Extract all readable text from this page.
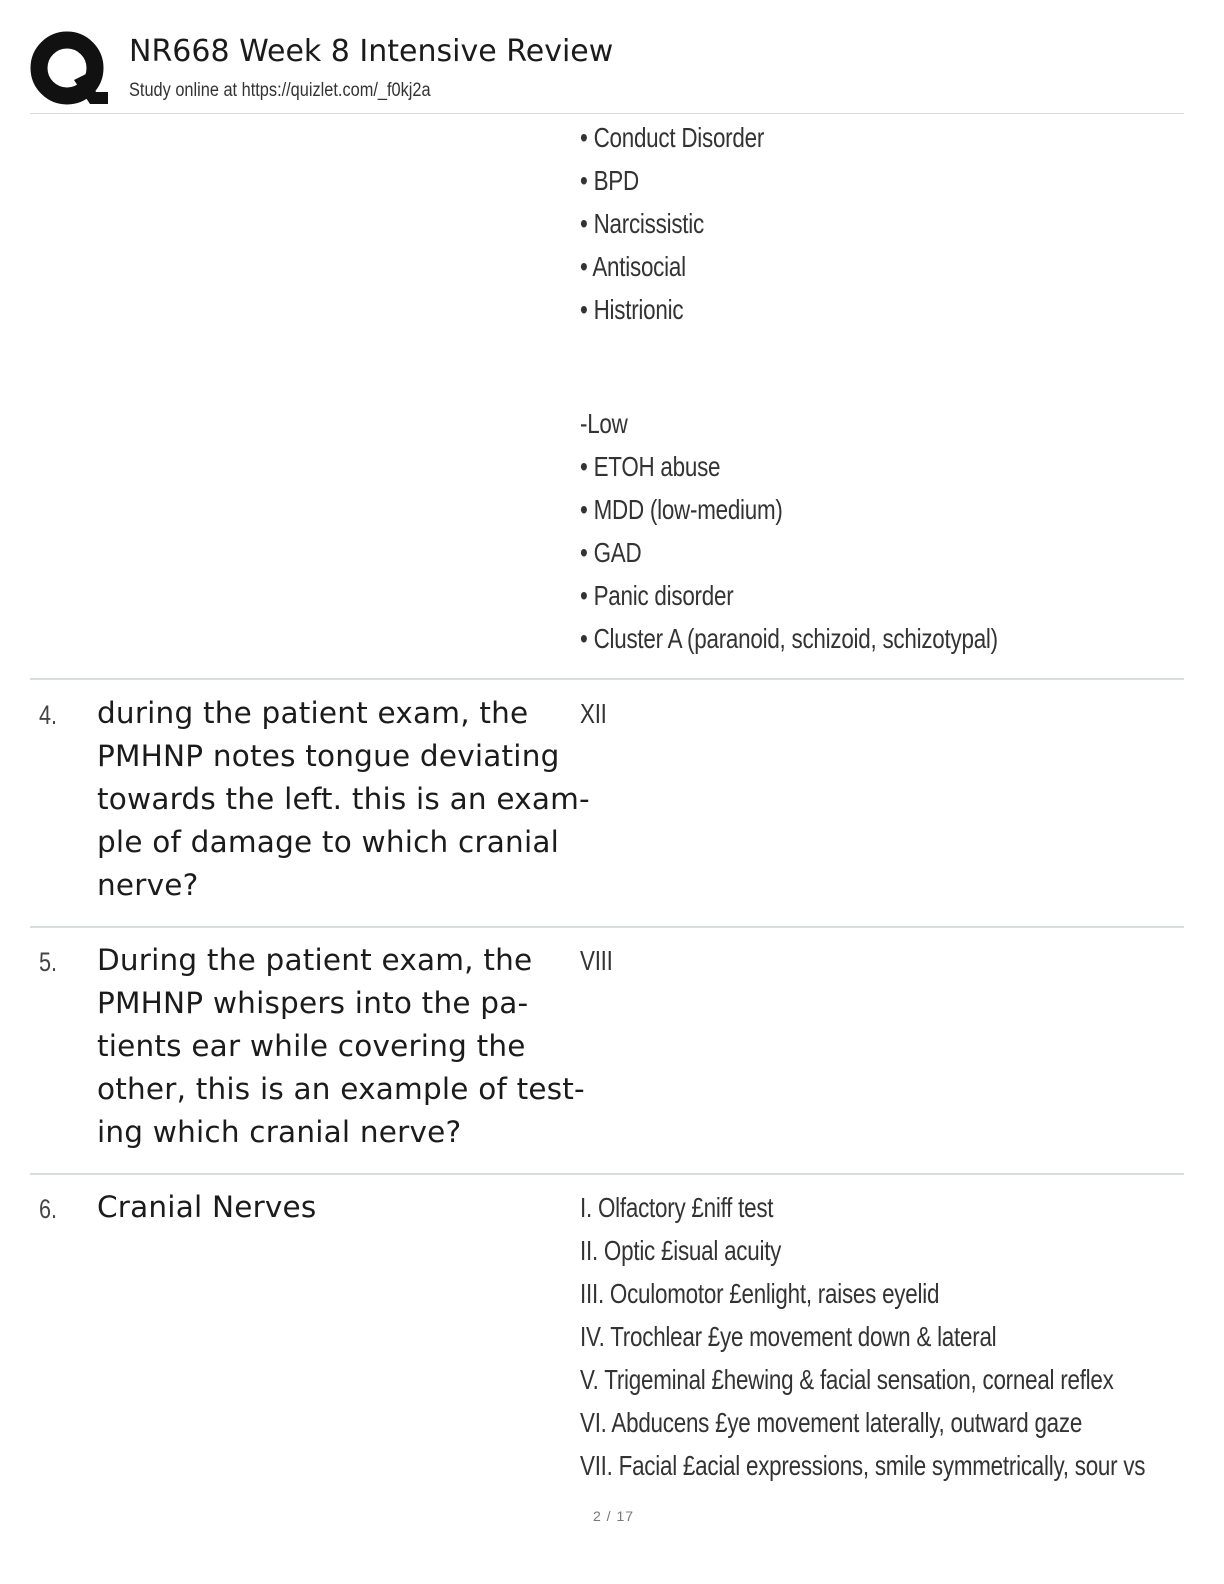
NR668 Week 8 Intensive Review
Study online at https://quizlet.com/_f0kj2a
• Conduct Disorder
• BPD
• Narcissistic
• Antisocial
• Histrionic
-Low
• ETOH abuse
• MDD (low-medium)
• GAD
• Panic disorder
• Cluster A (paranoid, schizoid, schizotypal)
4. during the patient exam, the
PMHNP notes tongue deviating
towards the left. this is an exam-
ple of damage to which cranial
nerve?
XII
5. During the patient exam, the
PMHNP whispers into the pa-
tients ear while covering the
other, this is an example of test-
ing which cranial nerve?
VIII
6. Cranial Nerves	I. Olfactory £niff test
II. Optic £isual acuity
III. Oculomotor £enlight, raises eyelid
IV. Trochlear £ye movement down & lateral
V. Trigeminal £hewing & facial sensation, corneal reflex
VI. Abducens £ye movement laterally, outward gaze
VII. Facial £acial expressions, smile symmetrically, sour vs
2 / 17
